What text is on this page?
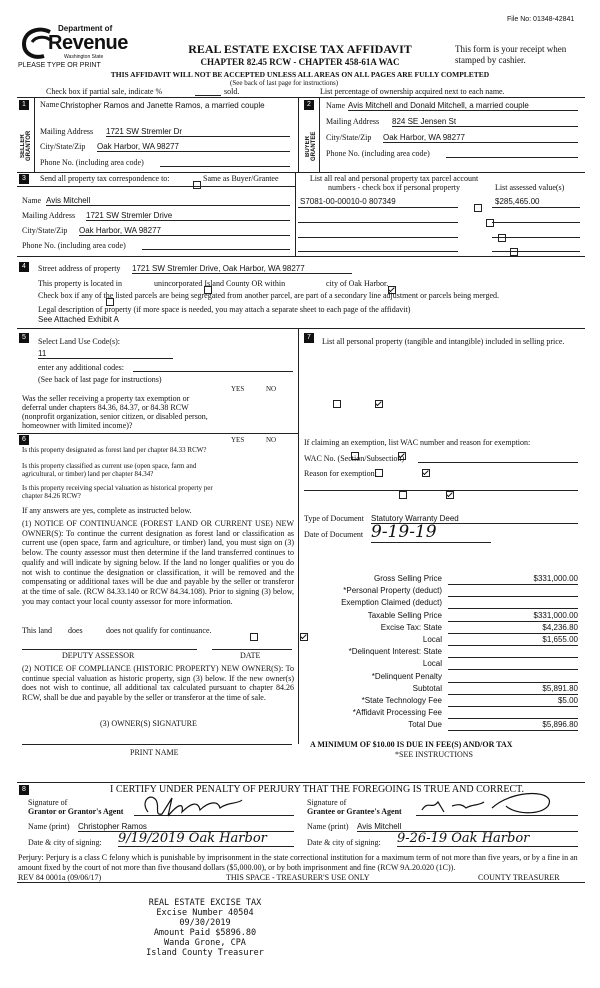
File No: 01348-42841
Department of
Revenue
Washington State
PLEASE TYPE OR PRINT
REAL ESTATE EXCISE TAX AFFIDAVIT
CHAPTER 82.45 RCW - CHAPTER 458-61A WAC
This form is your receipt when stamped by cashier.
THIS AFFIDAVIT WILL NOT BE ACCEPTED UNLESS ALL AREAS ON ALL PAGES ARE FULLY COMPLETED
(See back of last page for instructions)
Check box if partial sale, indicate %	sold.	List percentage of ownership acquired next to each name.
1
SELLER GRANTOR
Name Christopher Ramos and Janette Ramos, a married couple
Mailing Address 1721 SW Stremler Dr
City/State/Zip Oak Harbor, WA 98277
Phone No. (including area code)
2
BUYER GRANTEE
Name Avis Mitchell and Donald Mitchell, a married couple
Mailing Address 824 SE Jensen St
City/State/Zip Oak Harbor, WA 98277
Phone No. (including area code)
3	Send all property tax correspondence to:
	Same as Buyer/Grantee
Name Avis Mitchell
Mailing Address 1721 SW Stremler Drive
City/State/Zip Oak Harbor, WA 98277
Phone No. (including area code)
List all real and personal property tax parcel account numbers - check box if personal property	List assessed value(s)
S7081-00-00010-0 807349	$285,465.00

4	Street address of property 1721 SW Stremler Drive, Oak Harbor, WA 98277
This property is located in
	unincorporated Island County OR within
	city of Oak Harbor.

Check box if any of the listed parcels are being segregated from another parcel, are part of a secondary line adjustment or parcels being merged.
Legal description of property (if more space is needed, you may attach a separate sheet to each page of the affidavit)
See Attached Exhibit A
5	Select Land Use Code(s):
11
enter any additional codes:
(See back of last page for instructions)
YES	NO
Was the seller receiving a property tax exemption or deferral under chapters 84.36, 84.37, or 84.38 RCW (nonprofit organization, senior citizen, or disabled person, homeowner with limited income)?

6	YES	NO
Is this property designated as forest land per chapter 84.33 RCW?

Is this property classified as current use (open space, farm and agricultural, or timber) land per chapter 84.34?

Is this property receiving special valuation as historical property per chapter 84.26 RCW?

If any answers are yes, complete as instructed below.
(1) NOTICE OF CONTINUANCE (FOREST LAND OR CURRENT USE) NEW OWNER(S): To continue the current designation as forest land or classification as current use (open space, farm and agriculture, or timber) land, you must sign on (3) below. The county assessor must then determine if the land transferred continues to qualify and will indicate by signing below. If the land no longer qualifies or you do not wish to continue the designation or classification, it will be removed and the compensating or additional taxes will be due and payable by the seller or transferor at the time of sale. (RCW 84.33.140 or RCW 84.34.108). Prior to signing (3) below, you may contact your local county assessor for more information.
This land
does	does not qualify for continuance.
DEPUTY ASSESSOR	DATE
(2) NOTICE OF COMPLIANCE (HISTORIC PROPERTY) NEW OWNER(S): To continue special valuation as historic property, sign (3) below. If the new owner(s) does not wish to continue, all additional tax calculated pursuant to chapter 84.26 RCW, shall be due and payable by the seller or transferor at the time of sale.
(3) OWNER(S) SIGNATURE
PRINT NAME
7	List all personal property (tangible and intangible) included in selling price.
If claiming an exemption, list WAC number and reason for exemption:
WAC No. (Section/Subsection)
Reason for exemption:
Type of Document Statutory Warranty Deed
Date of Document 9-19-19
Gross Selling Price	$331,000.00
*Personal Property (deduct)
Exemption Claimed (deduct)
Taxable Selling Price	$331,000.00
Excise Tax: State	$4,236.80
Local	$1,655.00
*Delinquent Interest: State
Local
*Delinquent Penalty
Subtotal	$5,891.80
*State Technology Fee	$5.00
*Affidavit Processing Fee
Total Due	$5,896.80
A MINIMUM OF $10.00 IS DUE IN FEE(S) AND/OR TAX
*SEE INSTRUCTIONS
8	I CERTIFY UNDER PENALTY OF PERJURY THAT THE FOREGOING IS TRUE AND CORRECT.
Signature of
Grantor or Grantor's Agent
Name (print) Christopher Ramos
Date & city of signing: 9/19/2019 Oak Harbor
Signature of
Grantee or Grantee's Agent
Name (print) Avis Mitchell
Date & city of signing: 9-26-19 Oak Harbor
Perjury: Perjury is a class C felony which is punishable by imprisonment in the state correctional institution for a maximum term of not more than five years, or by a fine in an amount fixed by the court of not more than five thousand dollars ($5,000.00), or by both imprisonment and fine (RCW 9A.20.020 (1C)).
REV 84 0001a (09/06/17)	THIS SPACE - TREASURER'S USE ONLY	COUNTY TREASURER
REAL ESTATE EXCISE TAX
Excise Number 40504
09/30/2019
Amount Paid $5896.80
Wanda Grone, CPA
Island County Treasurer
